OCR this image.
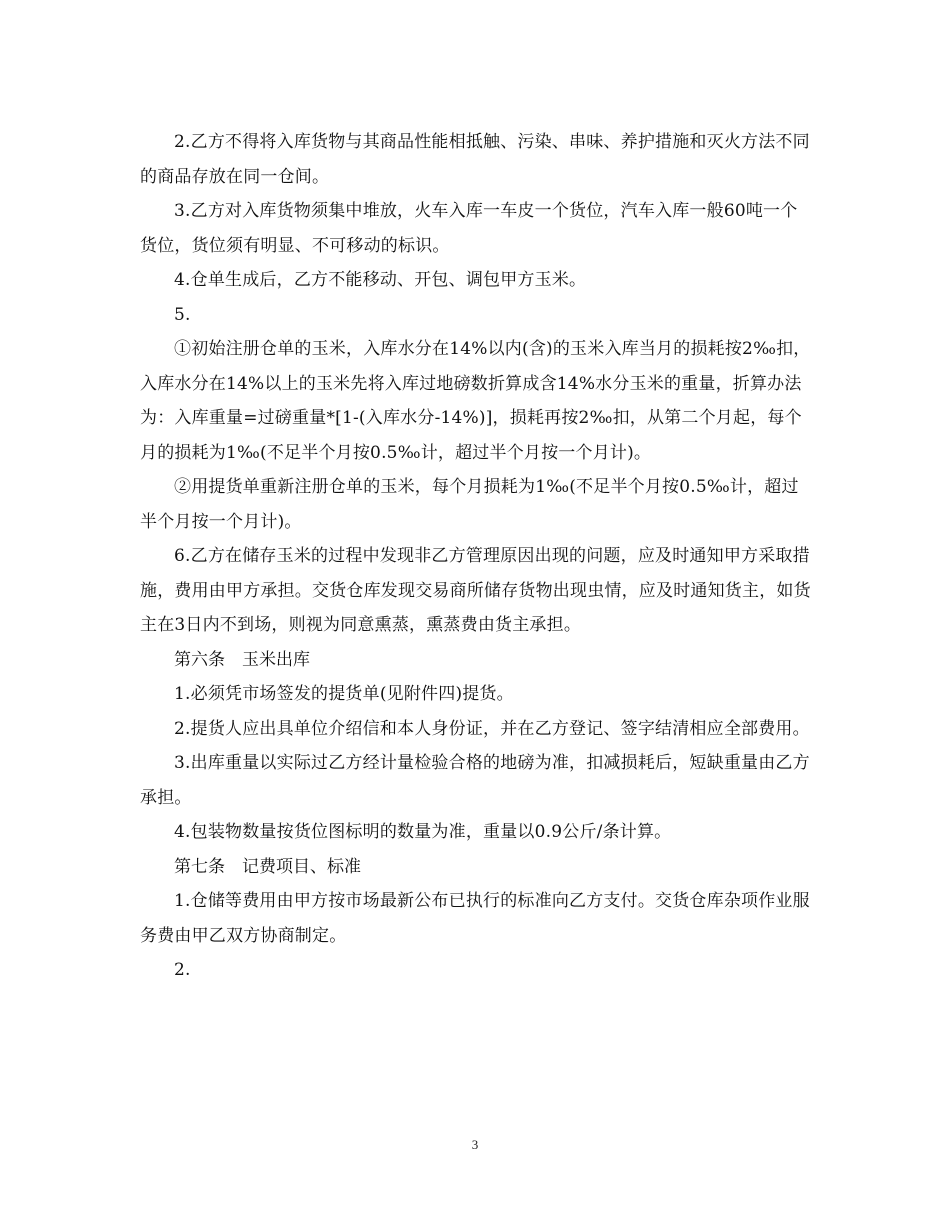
2.乙方不得将入库货物与其商品性能相抵触、污染、串味、养护措施和灭火方法不同的商品存放在同一仓间。

3.乙方对入库货物须集中堆放，火车入库一车皮一个货位，汽车入库一般60吨一个货位，货位须有明显、不可移动的标识。

4.仓单生成后，乙方不能移动、开包、调包甲方玉米。

5.

①初始注册仓单的玉米，入库水分在14%以内(含)的玉米入库当月的损耗按2‰扣，入库水分在14%以上的玉米先将入库过地磅数折算成含14%水分玉米的重量，折算办法为：入库重量=过磅重量*[1-(入库水分-14%)]，损耗再按2‰扣，从第二个月起，每个月的损耗为1‰(不足半个月按0.5‰计，超过半个月按一个月计)。

②用提货单重新注册仓单的玉米，每个月损耗为1‰(不足半个月按0.5‰计，超过半个月按一个月计)。

6.乙方在储存玉米的过程中发现非乙方管理原因出现的问题，应及时通知甲方采取措施，费用由甲方承担。交货仓库发现交易商所储存货物出现虫情，应及时通知货主，如货主在3日内不到场，则视为同意熏蒸，熏蒸费由货主承担。

第六条　玉米出库

1.必须凭市场签发的提货单(见附件四)提货。

2.提货人应出具单位介绍信和本人身份证，并在乙方登记、签字结清相应全部费用。

3.出库重量以实际过乙方经计量检验合格的地磅为准，扣减损耗后，短缺重量由乙方承担。

4.包装物数量按货位图标明的数量为准，重量以0.9公斤/条计算。

第七条　记费项目、标准

1.仓储等费用由甲方按市场最新公布已执行的标准向乙方支付。交货仓库杂项作业服务费由甲乙双方协商制定。

2.

3
